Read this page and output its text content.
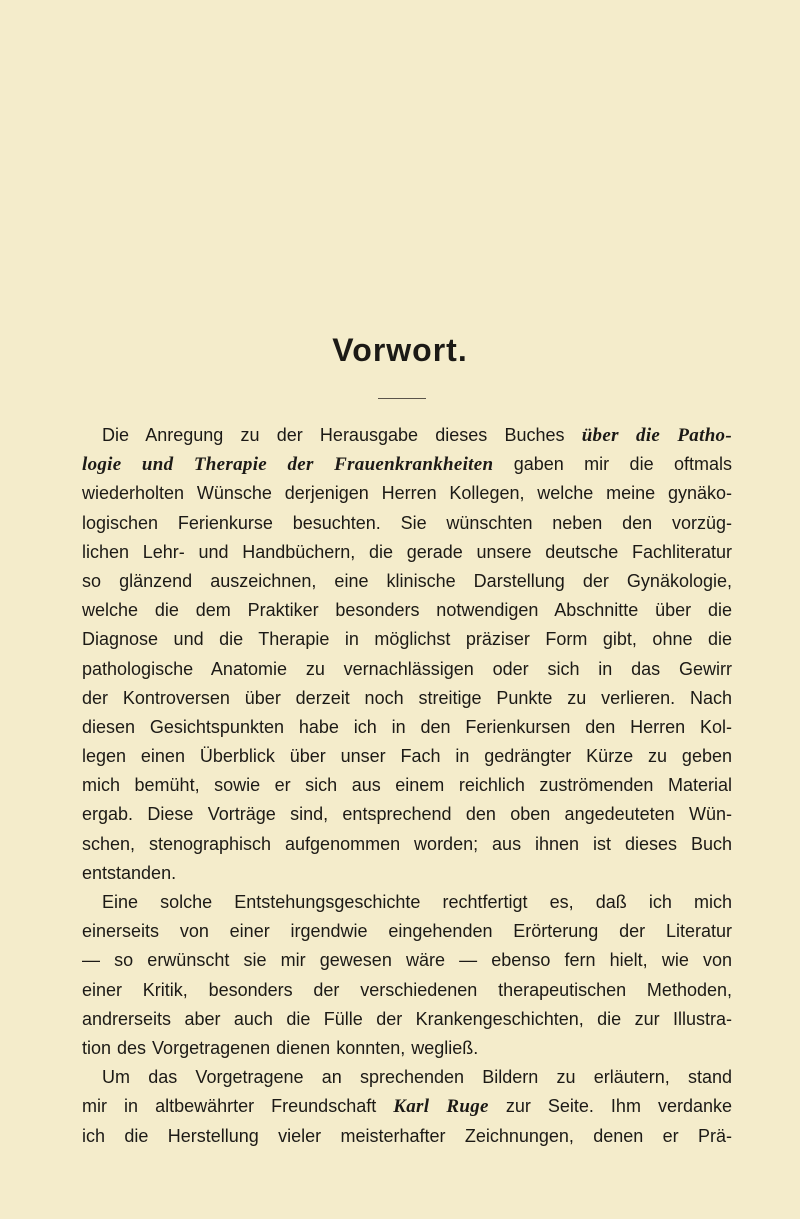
Vorwort.
Die Anregung zu der Herausgabe dieses Buches über die Patho-
logie und Therapie der Frauenkrankheiten gaben mir die oftmals
wiederholten Wünsche derjenigen Herren Kollegen, welche meine gynäko-
logischen Ferienkurse besuchten. Sie wünschten neben den vorzüg-
lichen Lehr- und Handbüchern, die gerade unsere deutsche Fachliteratur
so glänzend auszeichnen, eine klinische Darstellung der Gynäkologie,
welche die dem Praktiker besonders notwendigen Abschnitte über die
Diagnose und die Therapie in möglichst präziser Form gibt, ohne die
pathologische Anatomie zu vernachlässigen oder sich in das Gewirr
der Kontroversen über derzeit noch streitige Punkte zu verlieren. Nach
diesen Gesichtspunkten habe ich in den Ferienkursen den Herren Kol-
legen einen Überblick über unser Fach in gedrängter Kürze zu geben
mich bemüht, sowie er sich aus einem reichlich zuströmenden Material
ergab. Diese Vorträge sind, entsprechend den oben angedeuteten Wün-
schen, stenographisch aufgenommen worden; aus ihnen ist dieses Buch
entstanden.
Eine solche Entstehungsgeschichte rechtfertigt es, daß ich mich
einerseits von einer irgendwie eingehenden Erörterung der Literatur
— so erwünscht sie mir gewesen wäre — ebenso fern hielt, wie von
einer Kritik, besonders der verschiedenen therapeutischen Methoden,
andrerseits aber auch die Fülle der Krankengeschichten, die zur Illustra-
tion des Vorgetragenen dienen konnten, wegließ.
Um das Vorgetragene an sprechenden Bildern zu erläutern, stand
mir in altbewährter Freundschaft Karl Ruge zur Seite. Ihm verdanke
ich die Herstellung vieler meisterhafter Zeichnungen, denen er Prä-
